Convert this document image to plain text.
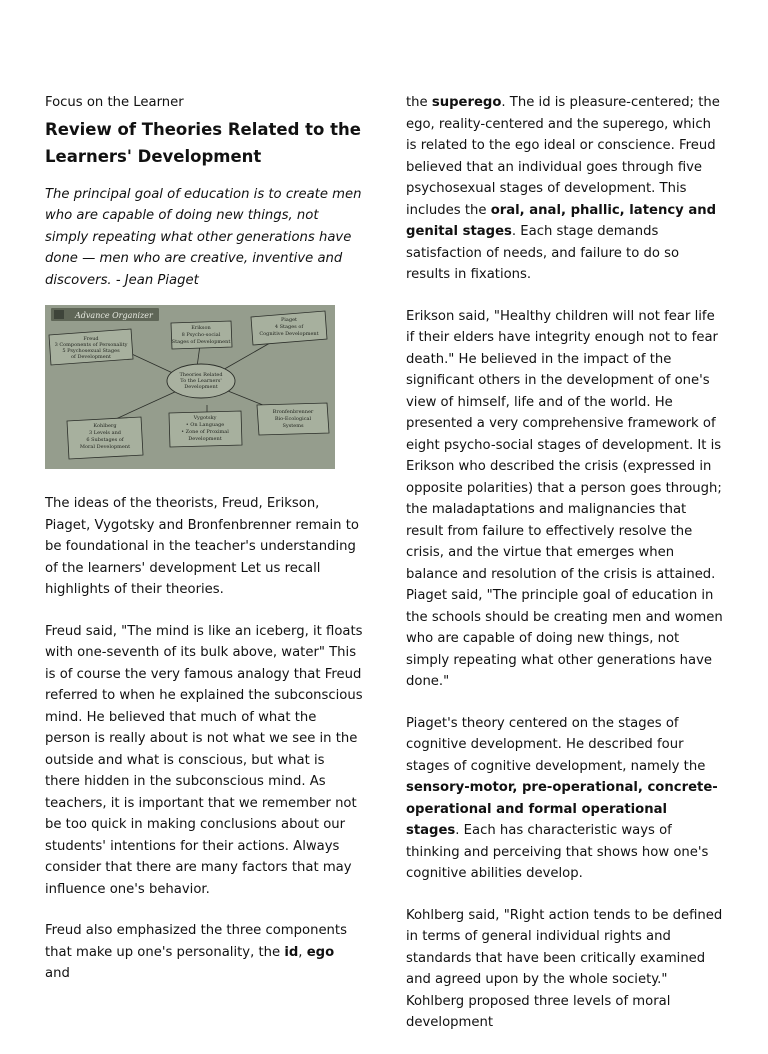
Focus on the Learner

Review of Theories Related to the Learners' Development

The principal goal of education is to create men who are capable of doing new things, not simply repeating what other generations have done — men who are creative, inventive and discovers. - Jean Piaget

Advance Organizer
Theories Related
To the Learners'
Development
Freud
3 Components of Personality
5 Psychosexual Stages
of Development
Erikson
8 Psycho-social
Stages of Development
Piaget
4 Stages of
Cognitive Development
Kohlberg
3 Levels and
6 Substages of
Moral Development
Vygotsky
• On Language
• Zone of Proximal
Development
Bronfenbrenner
Bio-Ecological
Systems

The ideas of the theorists, Freud, Erikson, Piaget, Vygotsky and Bronfenbrenner remain to be foundational in the teacher's understanding of the learners' development Let us recall highlights of their theories.

Freud said, "The mind is like an iceberg, it floats with one-seventh of its bulk above, water" This is of course the very famous analogy that Freud referred to when he explained the subconscious mind. He believed that much of what the person is really about is not what we see in the outside and what is conscious, but what is there hidden in the subconscious mind. As teachers, it is important that we remember not be too quick in making conclusions about our students' intentions for their actions. Always consider that there are many factors that may influence one's behavior.

Freud also emphasized the three components that make up one's personality, the id, ego and

the superego. The id is pleasure-centered; the ego, reality-centered and the superego, which is related to the ego ideal or conscience. Freud believed that an individual goes through five psychosexual stages of development. This includes the oral, anal, phallic, latency and genital stages. Each stage demands satisfaction of needs, and failure to do so results in fixations.

Erikson said, "Healthy children will not fear life if their elders have integrity enough not to fear death." He believed in the impact of the significant others in the development of one's view of himself, life and of the world. He presented a very comprehensive framework of eight psycho-social stages of development. It is Erikson who described the crisis (expressed in opposite polarities) that a person goes through; the maladaptations and malignancies that result from failure to effectively resolve the crisis, and the virtue that emerges when balance and resolution of the crisis is attained. Piaget said, "The principle goal of education in the schools should be creating men and women who are capable of doing new things, not simply repeating what other generations have done."

Piaget's theory centered on the stages of cognitive development. He described four stages of cognitive development, namely the sensory-motor, pre-operational, concrete-operational and formal operational stages. Each has characteristic ways of thinking and perceiving that shows how one's cognitive abilities develop.

Kohlberg said, "Right action tends to be defined in terms of general individual rights and standards that have been critically examined and agreed upon by the whole society." Kohlberg proposed three levels of moral development
